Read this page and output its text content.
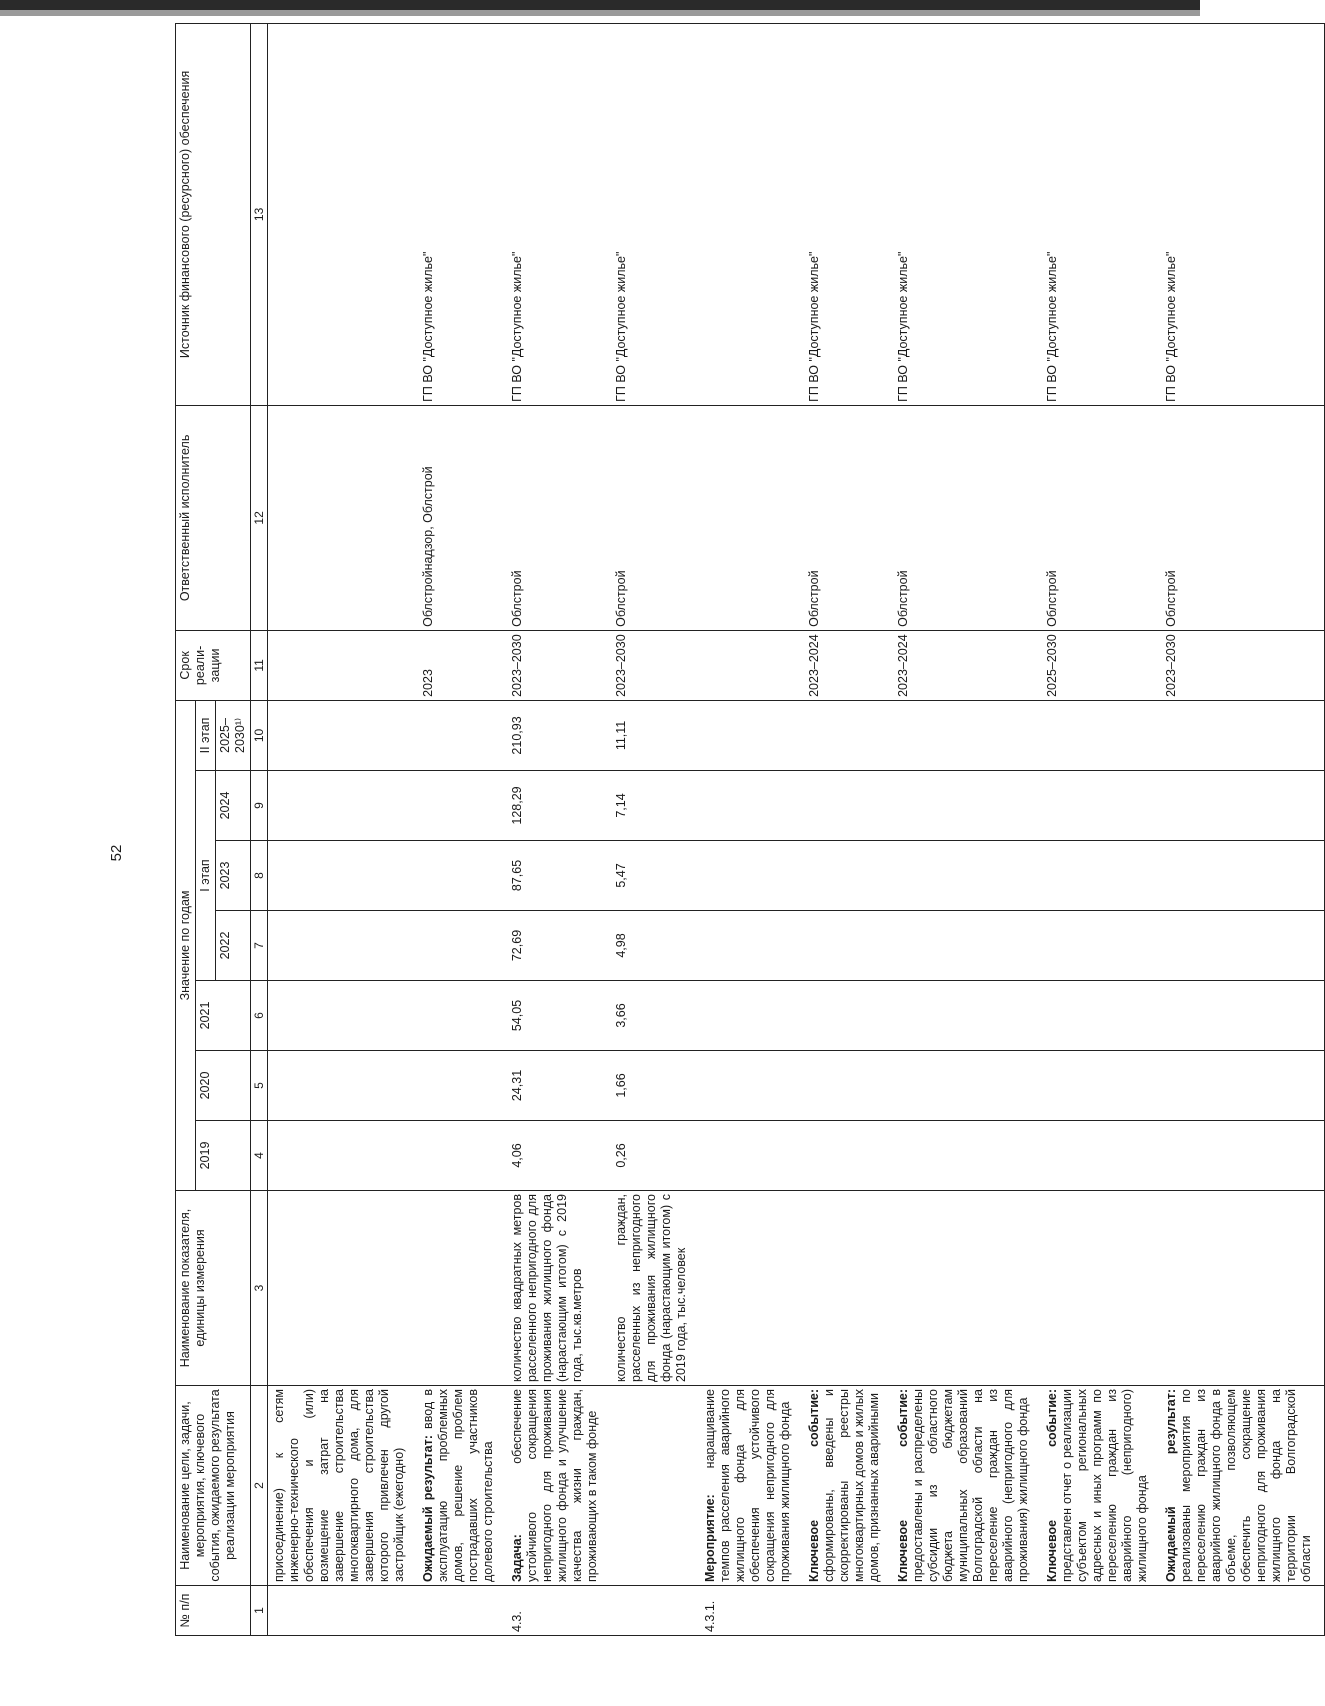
52
№ п/п	Наименование цели, задачи, мероприятия, ключевого события, ожидаемого результата реализации мероприятия	Наименование показателя, единицы измерения	Значение по годам							Срок реали-зации	Ответственный исполнитель	Источник финансового (ресурсного) обеспечения
			2019	2020	2021	I этап			II этап			
						2022	2023	2024	2025–2030¹⁾			
1	2	3	4	5	6	7	8	9	10	11	12	13
	присоединение) к сетям инженерно-технического обеспечения и (или) возмещение затрат на завершение строительства многоквартирного дома, для завершения строительства которого привлечен другой застройщик (ежегодно)											
	Ожидаемый результат: ввод в эксплуатацию проблемных домов, решение проблем пострадавших участников долевого строительства									2023	Облстройнадзор, Облстрой	ГП ВО "Доступное жилье"
4.3.	Задача: обеспечение устойчивого сокращения непригодного для проживания жилищного фонда и улучшение качества жизни граждан, проживающих в таком фонде	количество квадратных метров расселенного непригодного для проживания жилищного фонда (нарастающим итогом) с 2019 года, тыс.кв.метров	4,06	24,31	54,05	72,69	87,65	128,29	210,93	2023–2030	Облстрой	ГП ВО "Доступное жилье"
		количество граждан, расселенных из непригодного для проживания жилищного фонда (нарастающим итогом) с 2019 года, тыс.человек	0,26	1,66	3,66	4,98	5,47	7,14	11,11	2023–2030	Облстрой	ГП ВО "Доступное жилье"
4.3.1.	Мероприятие: наращивание темпов расселения аварийного жилищного фонда для обеспечения устойчивого сокращения непригодного для проживания жилищного фонда											
	Ключевое событие: сформированы, введены и скорректированы реестры многоквартирных домов и жилых домов, признанных аварийными									2023–2024	Облстрой	ГП ВО "Доступное жилье"
	Ключевое событие: предоставлены и распределены субсидии из областного бюджета бюджетам муниципальных образований Волгоградской области на переселение граждан из аварийного (непригодного для проживания) жилищного фонда									2023–2024	Облстрой	ГП ВО "Доступное жилье"
	Ключевое событие: представлен отчет о реализации субъектом региональных адресных и иных программ по переселению граждан из аварийного (непригодного) жилищного фонда									2025–2030	Облстрой	ГП ВО "Доступное жилье"
	Ожидаемый результат: реализованы мероприятия по переселению граждан из аварийного жилищного фонда в объеме, позволяющем обеспечить сокращение непригодного для проживания жилищного фонда на территории Волгоградской области									2023–2030	Облстрой	ГП ВО "Доступное жилье"
